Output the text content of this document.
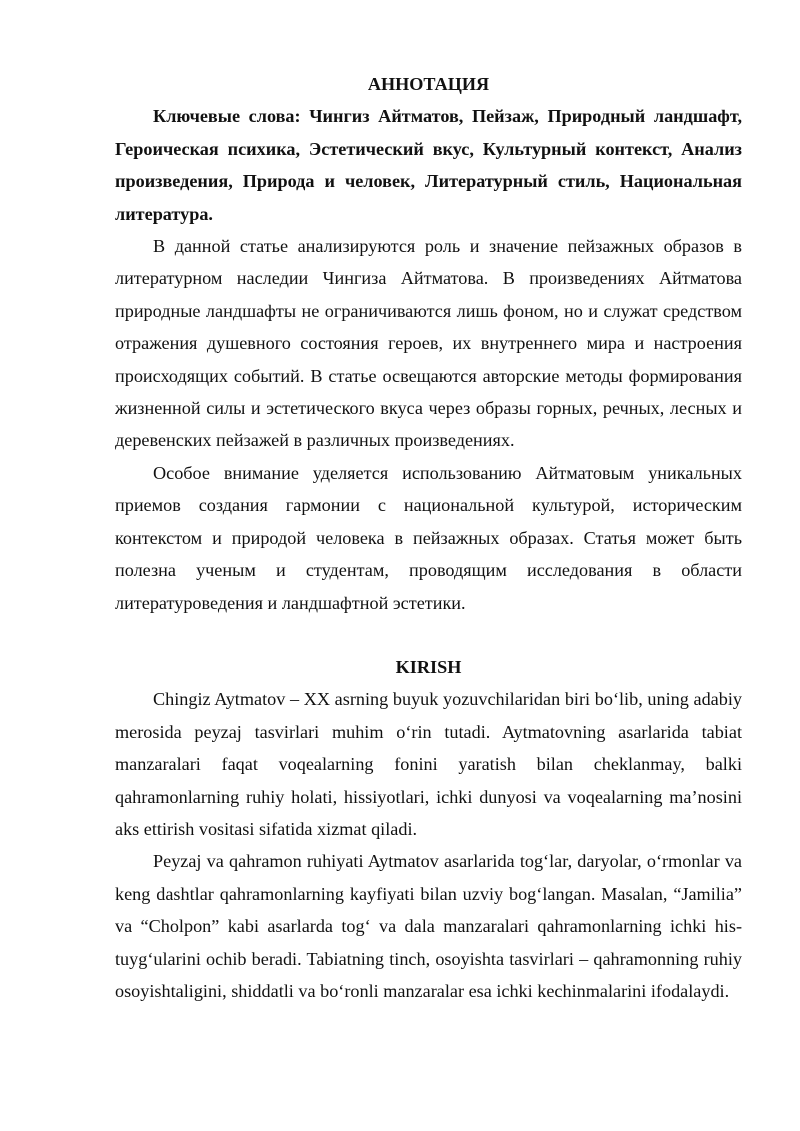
АННОТАЦИЯ

Ключевые слова: Чингиз Айтматов, Пейзаж, Природный ландшафт, Героическая психика, Эстетический вкус, Культурный контекст, Анализ произведения, Природа и человек, Литературный стиль, Национальная литература.

В данной статье анализируются роль и значение пейзажных образов в литературном наследии Чингиза Айтматова. В произведениях Айтматова природные ландшафты не ограничиваются лишь фоном, но и служат средством отражения душевного состояния героев, их внутреннего мира и настроения происходящих событий. В статье освещаются авторские методы формирования жизненной силы и эстетического вкуса через образы горных, речных, лесных и деревенских пейзажей в различных произведениях.

Особое внимание уделяется использованию Айтматовым уникальных приемов создания гармонии с национальной культурой, историческим контекстом и природой человека в пейзажных образах. Статья может быть полезна ученым и студентам, проводящим исследования в области литературоведения и ландшафтной эстетики.

KIRISH

Chingiz Aytmatov – XX asrning buyuk yozuvchilaridan biri bo‘lib, uning adabiy merosida peyzaj tasvirlari muhim o‘rin tutadi. Aytmatovning asarlarida tabiat manzaralari faqat voqealarning fonini yaratish bilan cheklanmay, balki qahramonlarning ruhiy holati, hissiyotlari, ichki dunyosi va voqealarning ma’nosini aks ettirish vositasi sifatida xizmat qiladi.

Peyzaj va qahramon ruhiyati Aytmatov asarlarida tog‘lar, daryolar, o‘rmonlar va keng dashtlar qahramonlarning kayfiyati bilan uzviy bog‘langan. Masalan, “Jamilia” va “Cholpon” kabi asarlarda tog‘ va dala manzaralari qahramonlarning ichki his-tuyg‘ularini ochib beradi. Tabiatning tinch, osoyishta tasvirlari – qahramonning ruhiy osoyishtaligini, shiddatli va bo‘ronli manzaralar esa ichki kechinmalarini ifodalaydi.
